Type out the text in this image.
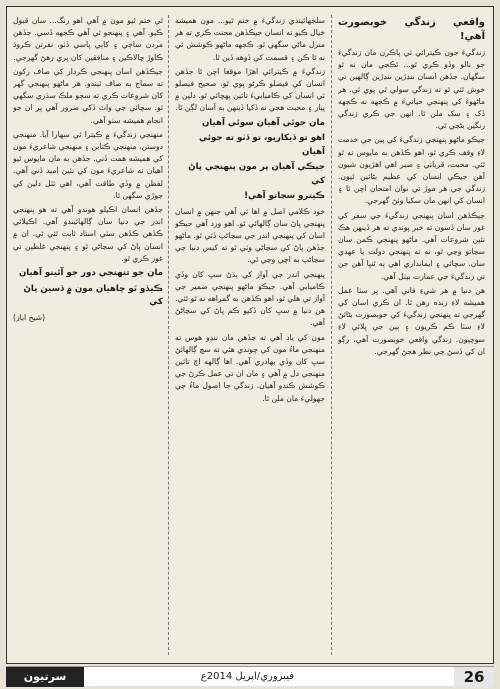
واقعي زندگي خوبصورت آهي!

زندگيءَ جون ڪيترائي ئي پاڪرن مان زندگيءَ جو نالو وڏو ڪري ٿو... ٿڪجي مان نه ٿو سگهان. جڏهن انسان ننڍڙين ننڍڙين ڳالهين تي خوش ٿئي ٿو ته زندگي سولي ٿي پوي ٿي. هر ماڻهوءَ کي پنهنجي حياتيءَ ۾ ڪجهه نه ڪجهه ڏک ۽ سک ملن ٿا. انهن جي ڪري زندگي رنگين بڻجي ٿي.

جيڪو ماڻهو پنهنجي زندگيءَ کي ٻين جي خدمت لاءِ وقف ڪري ٿو، اهو ڪڏهن به مايوس نه ٿو ٿئي. محبت، قرباني ۽ صبر اهي اهڙيون شيون آهن جيڪي انسان کي عظيم بڻائين ٿيون. زندگي جي هر موڙ تي نوان امتحان اچن ٿا ۽ انسان کي انهن مان سکيا وٺڻ گهرجي.

جيڪڏهن اسان پنهنجي زندگيءَ جي سفر کي غور سان ڏسون ته خبر پوندي ته هر ڏينهن هڪ نئين شروعات آهي. ماڻهو پنهنجي ڪمن سان سڃاتو وڃي ٿو، نه ته پنهنجي دولت يا عهدي سان. سچائي ۽ ايمانداري اهي ٻه ٿنڀا آهن جن تي زندگيءَ جي عمارت بيٺل آهي.

هن دنيا ۾ هر شيءِ فاني آهي. پر سٺا عمل هميشه لاءِ زنده رهن ٿا. ان ڪري اسان کي گهرجي ته پنهنجي زندگيءَ کي خوبصورت بڻائڻ لاءِ سٺا ڪم ڪريون ۽ ٻين جي ڀلائي لاءِ سوچيون. زندگي واقعي خوبصورت آهي، رڳو ان کي ڏسڻ جي نظر هجڻ گهرجي.

سلجهائيندي زندگيءَ ۾ ختم ٿيو... مون هميشه خيال ڪيو ته انسان جيڪڏهن محنت ڪري ته هر منزل ماڻي سگهي ٿو. ڪجهه ماڻهو ڪوشش ئي نه ٿا ڪن ۽ قسمت کي ڏوهه ڏين ٿا.

زندگيءَ ۾ ڪيترائي اهڙا موقعا اچن ٿا جڏهن انسان کي فيصلو ڪرڻو پوي ٿو. صحيح فيصلو ئي انسان کي ڪاميابيءَ تائين پهچائي ٿو. دلين ۾ پيار ۽ محبت هجي ته ڏکيا ڏينهن به آسان لڳن ٿا.

مان جوئي آهيان سوئي آهيان

اهو تو ڏيکاريو، تو ڏٺو ته جوئي آهيان

جيڪي آهيان پر مون پنهنجي پاڻ کي

ڪيترو سڃاتو آهي!

خود ڪلامي اصل ۾ اها ئي آهي جنهن ۾ انسان پنهنجي پاڻ سان ڳالهائي ٿو. اهو ورد آهي جيڪو اسان کي پنهنجي اندر جي سڃاڻپ ڏئي ٿو. ماڻهو جڏهن پاڻ کي سڃاڻي وٺي ٿو ته کيس دنيا جي سڃاڻپ به اچي وڃي ٿي.

پنهنجي اندر جي آواز کي ٻڌڻ سڀ کان وڏي ڪاميابي آهي. جيڪو ماڻهو پنهنجي ضمير جي آواز تي هلي ٿو، اهو ڪڏهن به گمراهه نه ٿو ٿئي. هن دنيا ۾ سڀ کان ڏکيو ڪم پاڻ کي سڃاڻڻ آهي.

مون کي ياد آهي ته جڏهن مان ننڍو هوس ته منهنجي ماءُ مون کي چوندي هئي ته سچ ڳالهائڻ سڀ کان وڏي بهادري آهي. اها ڳالهه اڄ تائين منهنجي دل ۾ آهي ۽ مان ان تي عمل ڪرڻ جي ڪوشش ڪندو آهيان. زندگي جا اصول ماءُ جي جهوليءَ مان ملن ٿا.

ٿي ختم ٿيو مون ۾ آهي اهو رنگ... سان قبول ڪيو. آهي ۽ پنهنجو ئي آهي ڪجهه ڏسي. جڏهن مردن ساڄي ۽ کاٻي پاسي ڏٺو، نفرتن ڪروڌ ڪاوڙ چالاڪين ۽ منافقين کان پري رهڻ گهرجي.

جيڪڏهن اسان پنهنجي ڪردار کي صاف رکون ته سماج به صاف ٿيندو. هر ماڻهو پنهنجي گهر کان شروعات ڪري ته سڄو ملڪ سڌري سگهي ٿو. سچائي جي واٽ ڏکي ضرور آهي پر ان جو انجام هميشه سٺو آهي.

منهنجي زندگيءَ ۾ ڪيترا ئي سهارا آيا. منهنجي دوستن، منهنجي ڪتابن ۽ منهنجي شاعريءَ مون کي هميشه همت ڏني. جڏهن به مان مايوس ٿيو آهيان ته شاعريءَ مون کي نئين اميد ڏني آهي. لفظن ۾ وڏي طاقت آهي، اهي ٽٽل دلين کي جوڙي سگهن ٿا.

جڏهن انسان اڪيلو هوندو آهي ته هو پنهنجي اندر جي دنيا سان ڳالهائيندو آهي. اڪيلائي ڪڏهن ڪڏهن سٺي استاد ثابت ٿئي ٿي. ان ۾ انسان پاڻ کي سڃاڻي ٿو ۽ پنهنجي غلطين تي غور ڪري ٿو.

مان جو تنهنجي دور جو آئينو آهيان

ڪيڏو ٿو چاهيان مون ۾ ڏسين پاڻ کي

(شيخ اياز)

26
فيبروري/اپريل 2014ع
سرتيون
